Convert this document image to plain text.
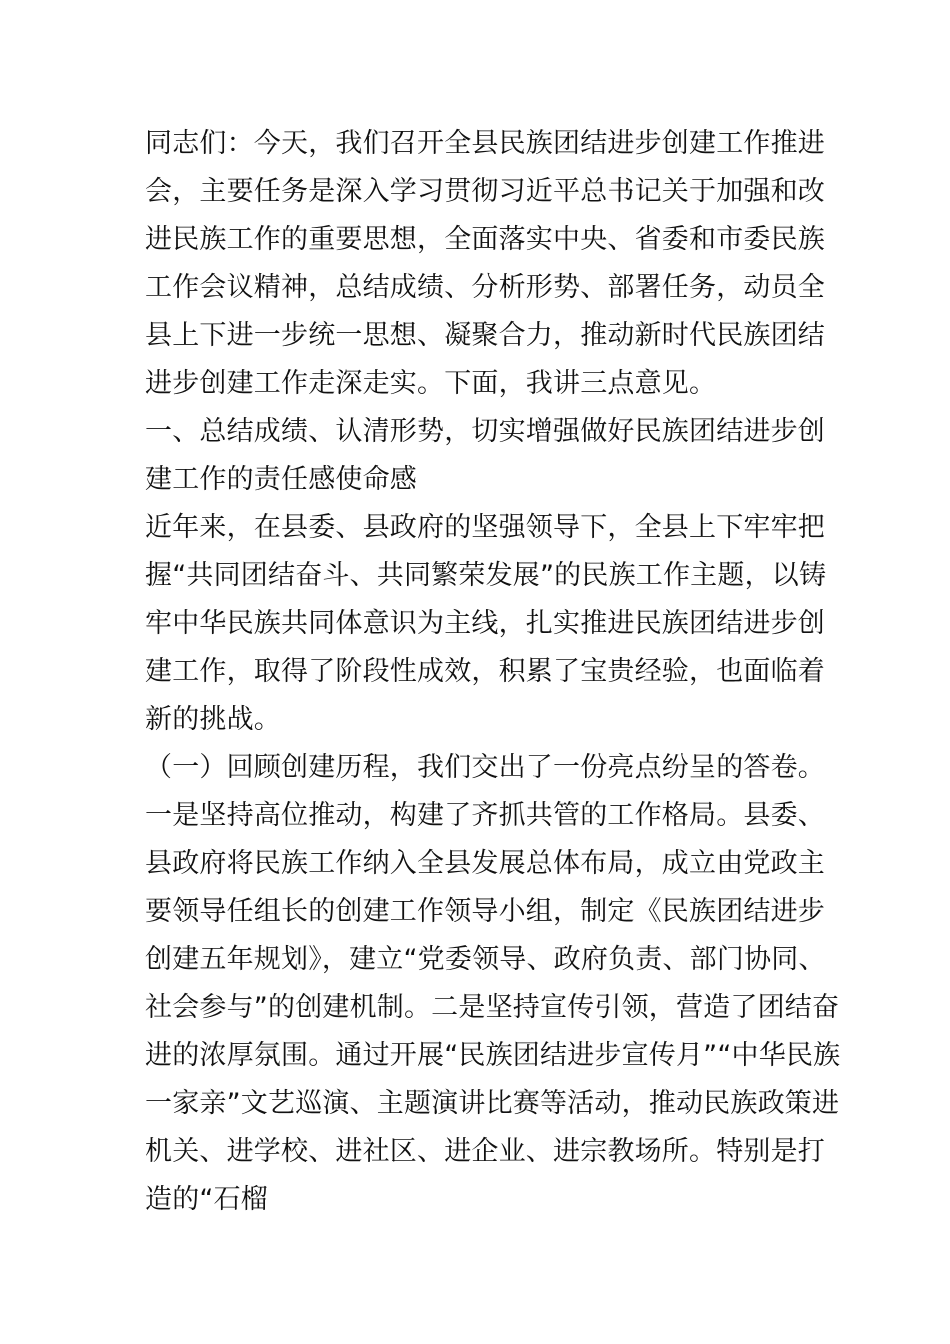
同志们：今天，我们召开全县民族团结进步创建工作推进
会，主要任务是深入学习贯彻习近平总书记关于加强和改
进民族工作的重要思想，全面落实中央、省委和市委民族
工作会议精神，总结成绩、分析形势、部署任务，动员全
县上下进一步统一思想、凝聚合力，推动新时代民族团结
进步创建工作走深走实。下面，我讲三点意见。
一、总结成绩、认清形势，切实增强做好民族团结进步创
建工作的责任感使命感
近年来，在县委、县政府的坚强领导下，全县上下牢牢把
握“共同团结奋斗、共同繁荣发展”的民族工作主题，以铸
牢中华民族共同体意识为主线，扎实推进民族团结进步创
建工作，取得了阶段性成效，积累了宝贵经验，也面临着
新的挑战。
（一）回顾创建历程，我们交出了一份亮点纷呈的答卷。
一是坚持高位推动，构建了齐抓共管的工作格局。县委、
县政府将民族工作纳入全县发展总体布局，成立由党政主
要领导任组长的创建工作领导小组，制定《民族团结进步
创建五年规划》，建立“党委领导、政府负责、部门协同、
社会参与”的创建机制。二是坚持宣传引领，营造了团结奋
进的浓厚氛围。通过开展“民族团结进步宣传月”“中华民族
一家亲”文艺巡演、主题演讲比赛等活动，推动民族政策进
机关、进学校、进社区、进企业、进宗教场所。特别是打
造的“石榴
